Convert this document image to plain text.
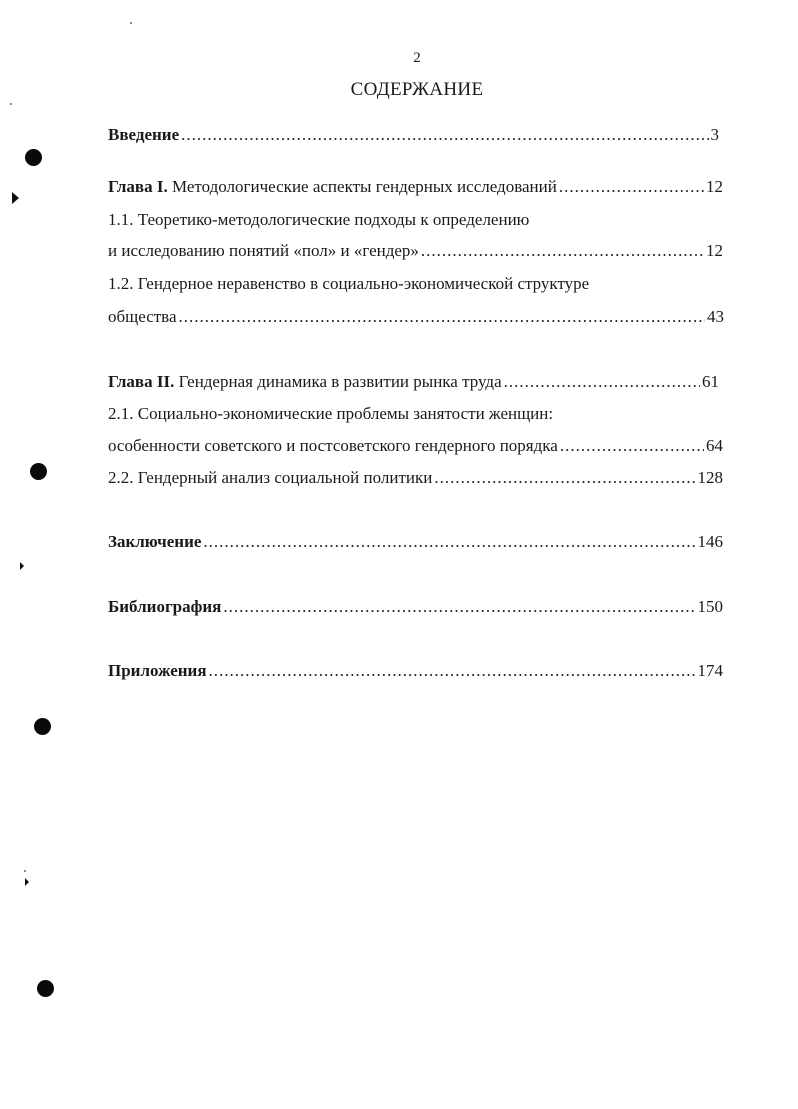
2
СОДЕРЖАНИЕ
Введение .....	3
Глава I. Методологические аспекты гендерных исследований .....	12
1.1. Теоретико-методологические подходы к определению
и исследованию понятий «пол» и «гендер» .....	12
1.2. Гендерное неравенство в социально-экономической структуре
общества .....	43
Глава II. Гендерная динамика в развитии рынка труда .....	61
2.1. Социально-экономические проблемы занятости женщин:
особенности советского и постсоветского гендерного порядка .....	64
2.2. Гендерный анализ социальной политики .....	128
Заключение .....	146
Библиография .....	150
Приложения .....	174
